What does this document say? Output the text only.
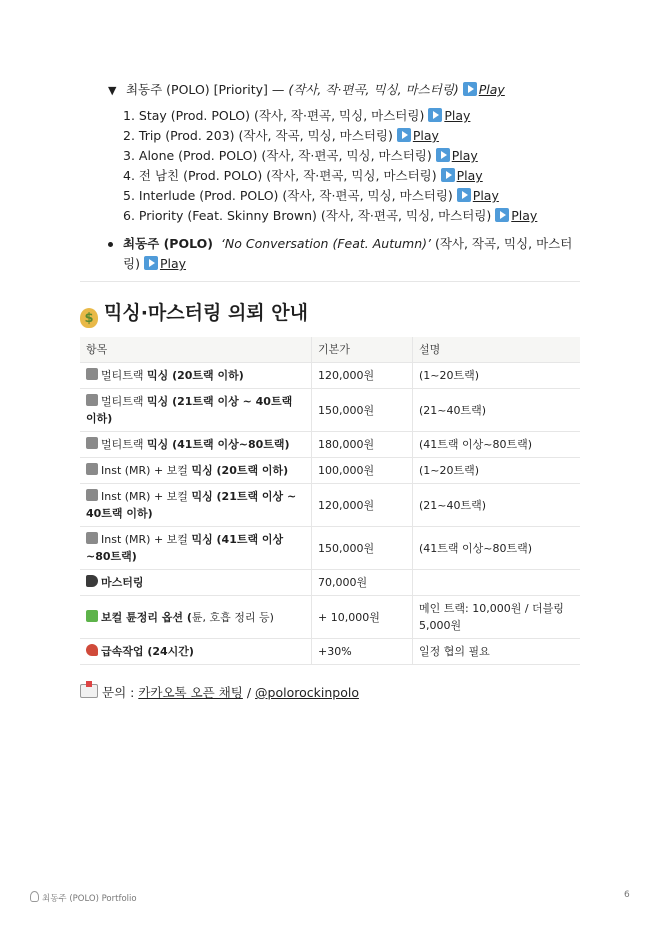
▼ 최동주 (POLO) [Priority] — (작사, 작·편곡, 믹싱, 마스터링) Play
1. Stay (Prod. POLO) (작사, 작·편곡, 믹싱, 마스터링) Play
2. Trip (Prod. 203) (작사, 작곡, 믹싱, 마스터링) Play
3. Alone (Prod. POLO) (작사, 작·편곡, 믹싱, 마스터링) Play
4. 전 남친 (Prod. POLO) (작사, 작·편곡, 믹싱, 마스터링) Play
5. Interlude (Prod. POLO) (작사, 작·편곡, 믹싱, 마스터링) Play
6. Priority (Feat. Skinny Brown) (작사, 작·편곡, 믹싱, 마스터링) Play
최동주 (POLO) ‘No Conversation (Feat. Autumn)’ (작사, 작곡, 믹싱, 마스터링) Play
$ 믹싱·마스터링 의뢰 안내
항목	기본가	설명
멀티트랙 믹싱 (20트랙 이하)	120,000원	(1~20트랙)
멀티트랙 믹싱 (21트랙 이상 ~ 40트랙 이하)	150,000원	(21~40트랙)
멀티트랙 믹싱 (41트랙 이상~80트랙)	180,000원	(41트랙 이상~80트랙)
Inst (MR) + 보컬 믹싱 (20트랙 이하)	100,000원	(1~20트랙)
Inst (MR) + 보컬 믹싱 (21트랙 이상 ~ 40트랙 이하)	120,000원	(21~40트랙)
Inst (MR) + 보컬 믹싱 (41트랙 이상~80트랙)	150,000원	(41트랙 이상~80트랙)
마스터링	70,000원	
보컬 튠정리 옵션 (튠, 호흡 정리 등)	+ 10,000원	메인 트랙: 10,000원 / 더블링 5,000원
급속작업 (24시간)	+30%	일정 협의 필요
문의 : 카카오톡 오픈 채팅 / @polorockinpolo
최동주 (POLO) Portfolio	6
